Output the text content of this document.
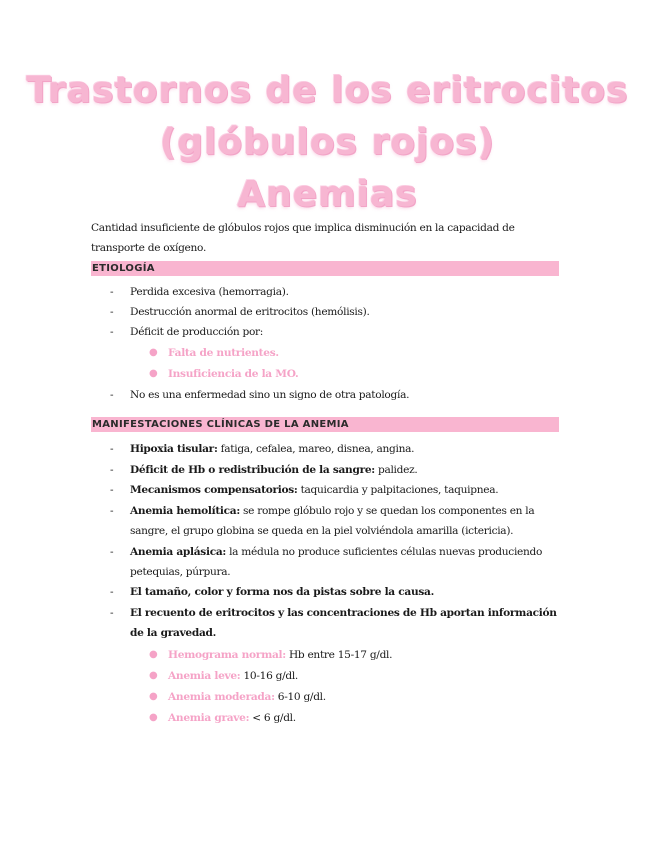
Trastornos de los eritrocitos
(glóbulos rojos)
Anemias

Cantidad insuficiente de glóbulos rojos que implica disminución en la capacidad de transporte de oxígeno.

ETIOLOGÍA
- Perdida excesiva (hemorragia).
- Destrucción anormal de eritrocitos (hemólisis).
- Déficit de producción por:
● Falta de nutrientes.
● Insuficiencia de la MO.
- No es una enfermedad sino un signo de otra patología.
MANIFESTACIONES CLÍNICAS DE LA ANEMIA
- Hipoxia tisular: fatiga, cefalea, mareo, disnea, angina.
- Déficit de Hb o redistribución de la sangre: palidez.
- Mecanismos compensatorios: taquicardia y palpitaciones, taquipnea.
- Anemia hemolítica: se rompe glóbulo rojo y se quedan los componentes en la sangre, el grupo globina se queda en la piel volviéndola amarilla (ictericia).
- Anemia aplásica: la médula no produce suficientes células nuevas produciendo petequias, púrpura.
- El tamaño, color y forma nos da pistas sobre la causa.
- El recuento de eritrocitos y las concentraciones de Hb aportan información de la gravedad.
● Hemograma normal: Hb entre 15-17 g/dl.
● Anemia leve: 10-16 g/dl.
● Anemia moderada: 6-10 g/dl.
● Anemia grave: < 6 g/dl.
